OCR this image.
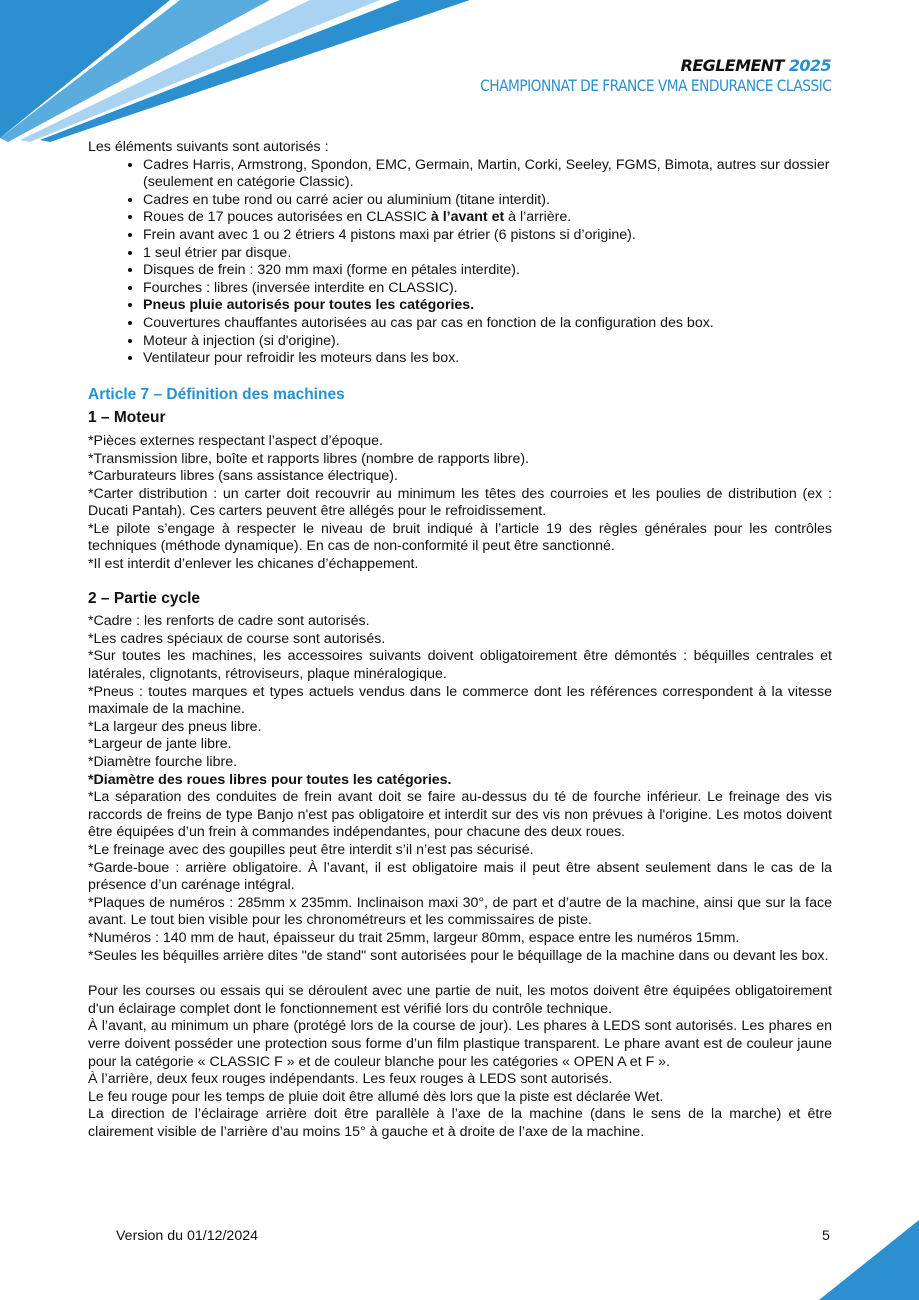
REGLEMENT 2025
CHAMPIONNAT DE FRANCE VMA ENDURANCE CLASSIC

Les éléments suivants sont autorisés :

• Cadres Harris, Armstrong, Spondon, EMC, Germain, Martin, Corki, Seeley, FGMS, Bimota, autres sur dossier (seulement en catégorie Classic).
• Cadres en tube rond ou carré acier ou aluminium (titane interdit).
• Roues de 17 pouces autorisées en CLASSIC à l’avant et à l’arrière.
• Frein avant avec 1 ou 2 étriers 4 pistons maxi par étrier (6 pistons si d’origine).
• 1 seul étrier par disque.
• Disques de frein : 320 mm maxi (forme en pétales interdite).
• Fourches : libres (inversée interdite en CLASSIC).
• Pneus pluie autorisés pour toutes les catégories.
• Couvertures chauffantes autorisées au cas par cas en fonction de la configuration des box.
• Moteur à injection (si d'origine).
• Ventilateur pour refroidir les moteurs dans les box.

Article 7 – Définition des machines

1 – Moteur

*Pièces externes respectant l’aspect d’époque.

*Transmission libre, boîte et rapports libres (nombre de rapports libre).

*Carburateurs libres (sans assistance électrique).

*Carter distribution : un carter doit recouvrir au minimum les têtes des courroies et les poulies de distribution (ex : Ducati Pantah). Ces carters peuvent être allégés pour le refroidissement.

*Le pilote s’engage à respecter le niveau de bruit indiqué à l’article 19 des règles générales pour les contrôles techniques (méthode dynamique). En cas de non-conformité il peut être sanctionné.

*Il est interdit d’enlever les chicanes d’échappement.

2 – Partie cycle

*Cadre : les renforts de cadre sont autorisés.

*Les cadres spéciaux de course sont autorisés.

*Sur toutes les machines, les accessoires suivants doivent obligatoirement être démontés : béquilles centrales et latérales, clignotants, rétroviseurs, plaque minéralogique.

*Pneus : toutes marques et types actuels vendus dans le commerce dont les références correspondent à la vitesse maximale de la machine.

*La largeur des pneus libre.

*Largeur de jante libre.

*Diamètre fourche libre.

*Diamètre des roues libres pour toutes les catégories.

*La séparation des conduites de frein avant doit se faire au-dessus du té de fourche inférieur. Le freinage des vis raccords de freins de type Banjo n'est pas obligatoire et interdit sur des vis non prévues à l'origine. Les motos doivent être équipées d’un frein à commandes indépendantes, pour chacune des deux roues.

*Le freinage avec des goupilles peut être interdit s’il n’est pas sécurisé.

*Garde-boue : arrière obligatoire. À l’avant, il est obligatoire mais il peut être absent seulement dans le cas de la présence d’un carénage intégral.

*Plaques de numéros : 285mm x 235mm. Inclinaison maxi 30°, de part et d’autre de la machine, ainsi que sur la face avant. Le tout bien visible pour les chronométreurs et les commissaires de piste.

*Numéros : 140 mm de haut, épaisseur du trait 25mm, largeur 80mm, espace entre les numéros 15mm.

*Seules les béquilles arrière dites "de stand" sont autorisées pour le béquillage de la machine dans ou devant les box.

Pour les courses ou essais qui se déroulent avec une partie de nuit, les motos doivent être équipées obligatoirement d'un éclairage complet dont le fonctionnement est vérifié lors du contrôle technique.

À l’avant, au minimum un phare (protégé lors de la course de jour). Les phares à LEDS sont autorisés. Les phares en verre doivent posséder une protection sous forme d’un film plastique transparent. Le phare avant est de couleur jaune pour la catégorie « CLASSIC F » et de couleur blanche pour les catégories « OPEN A et F ».

À l’arrière, deux feux rouges indépendants. Les feux rouges à LEDS sont autorisés.

Le feu rouge pour les temps de pluie doit être allumé dès lors que la piste est déclarée Wet.

La direction de l’éclairage arrière doit être parallèle à l’axe de la machine (dans le sens de la marche) et être clairement visible de l’arrière d’au moins 15° à gauche et à droite de l’axe de la machine.

Version du 01/12/2024	5
